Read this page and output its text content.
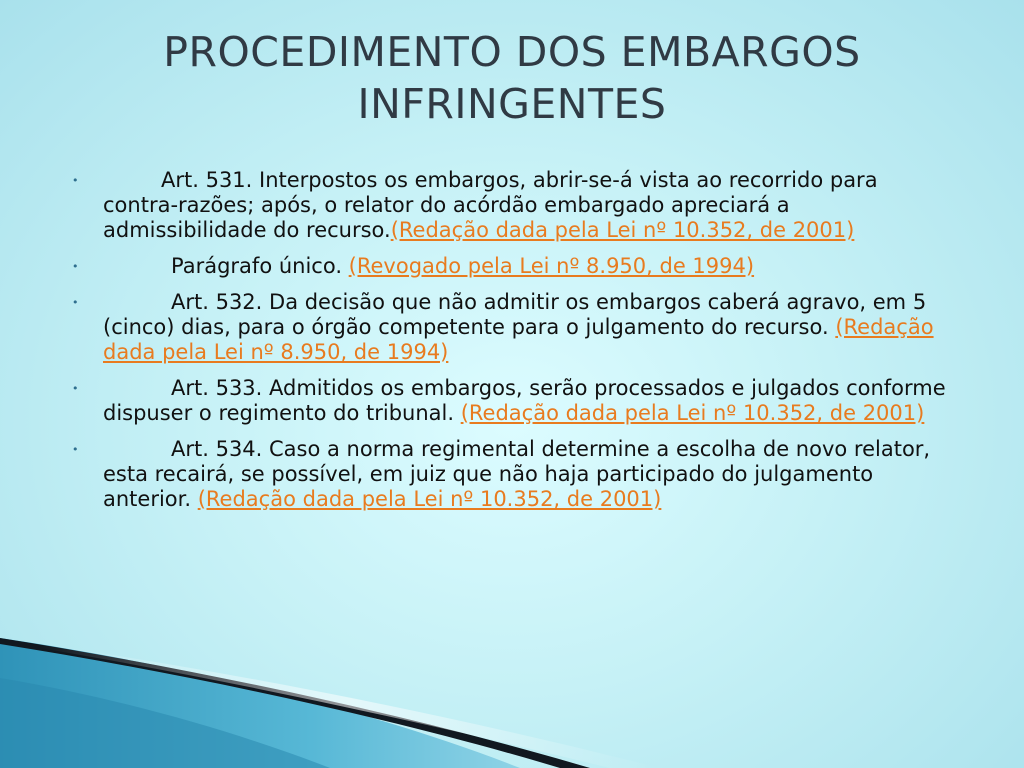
PROCEDIMENTO DOS EMBARGOS INFRINGENTES
•	Art. 531. Interpostos os embargos, abrir-se-á vista ao recorrido para contra-razões; após, o relator do acórdão embargado apreciará a admissibilidade do recurso.(Redação dada pela Lei nº 10.352, de 2001)
•	Parágrafo único. (Revogado pela Lei nº 8.950, de 1994)
•	Art. 532. Da decisão que não admitir os embargos caberá agravo, em 5 (cinco) dias, para o órgão competente para o julgamento do recurso. (Redação dada pela Lei nº 8.950, de 1994)
•	Art. 533. Admitidos os embargos, serão processados e julgados conforme dispuser o regimento do tribunal. (Redação dada pela Lei nº 10.352, de 2001)
•	Art. 534. Caso a norma regimental determine a escolha de novo relator, esta recairá, se possível, em juiz que não haja participado do julgamento anterior. (Redação dada pela Lei nº 10.352, de 2001)
